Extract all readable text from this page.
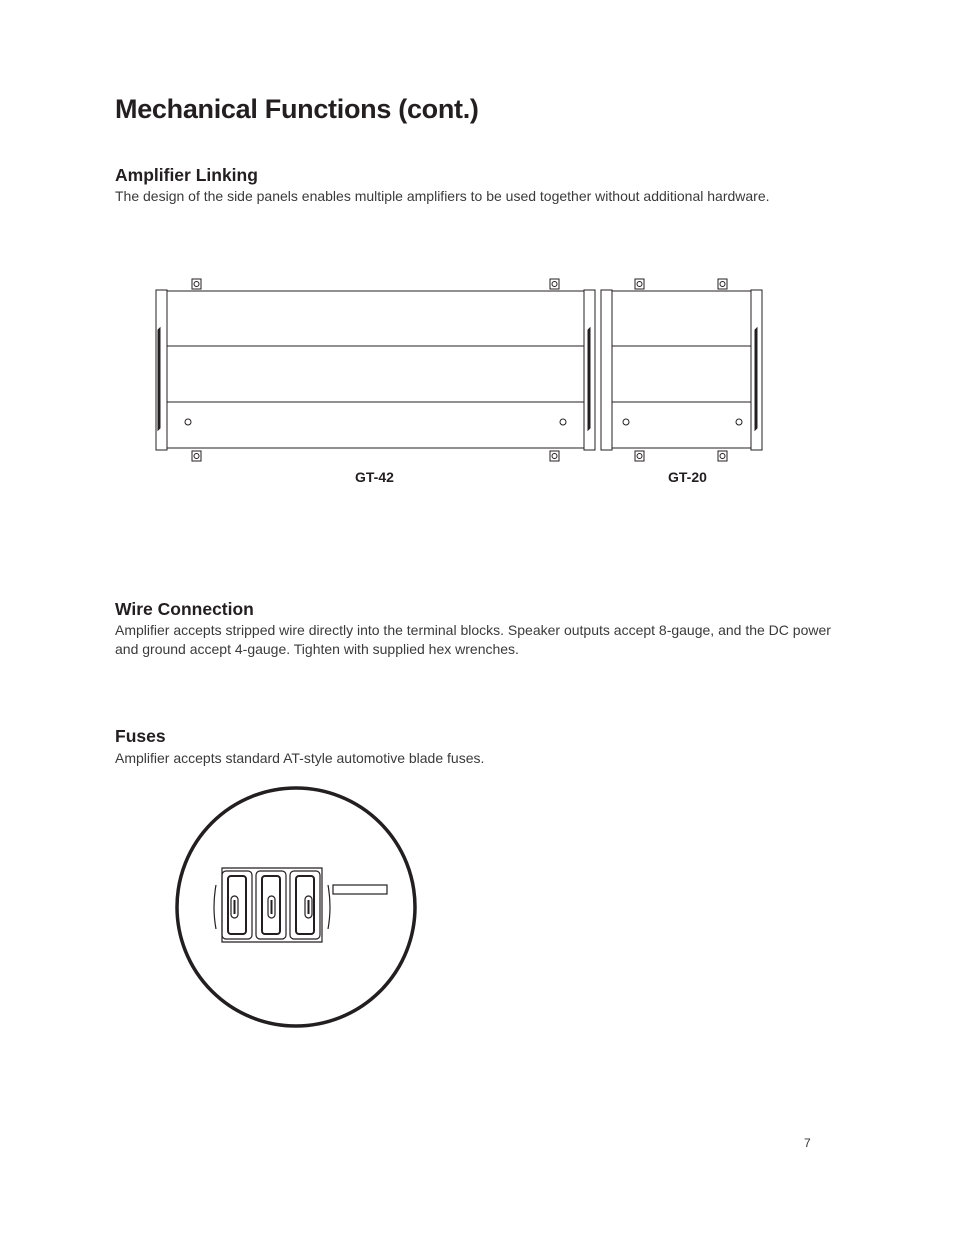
Mechanical Functions (cont.)
Amplifier Linking

The design of the side panels enables multiple amplifiers to be used together without additional hardware.

GT-42	GT-20
Wire Connection

Amplifier accepts stripped wire directly into the terminal blocks. Speaker outputs accept 8-gauge, and the DC power and ground accept 4-gauge. Tighten with supplied hex wrenches.

Fuses

Amplifier accepts standard AT-style automotive blade fuses.

7
